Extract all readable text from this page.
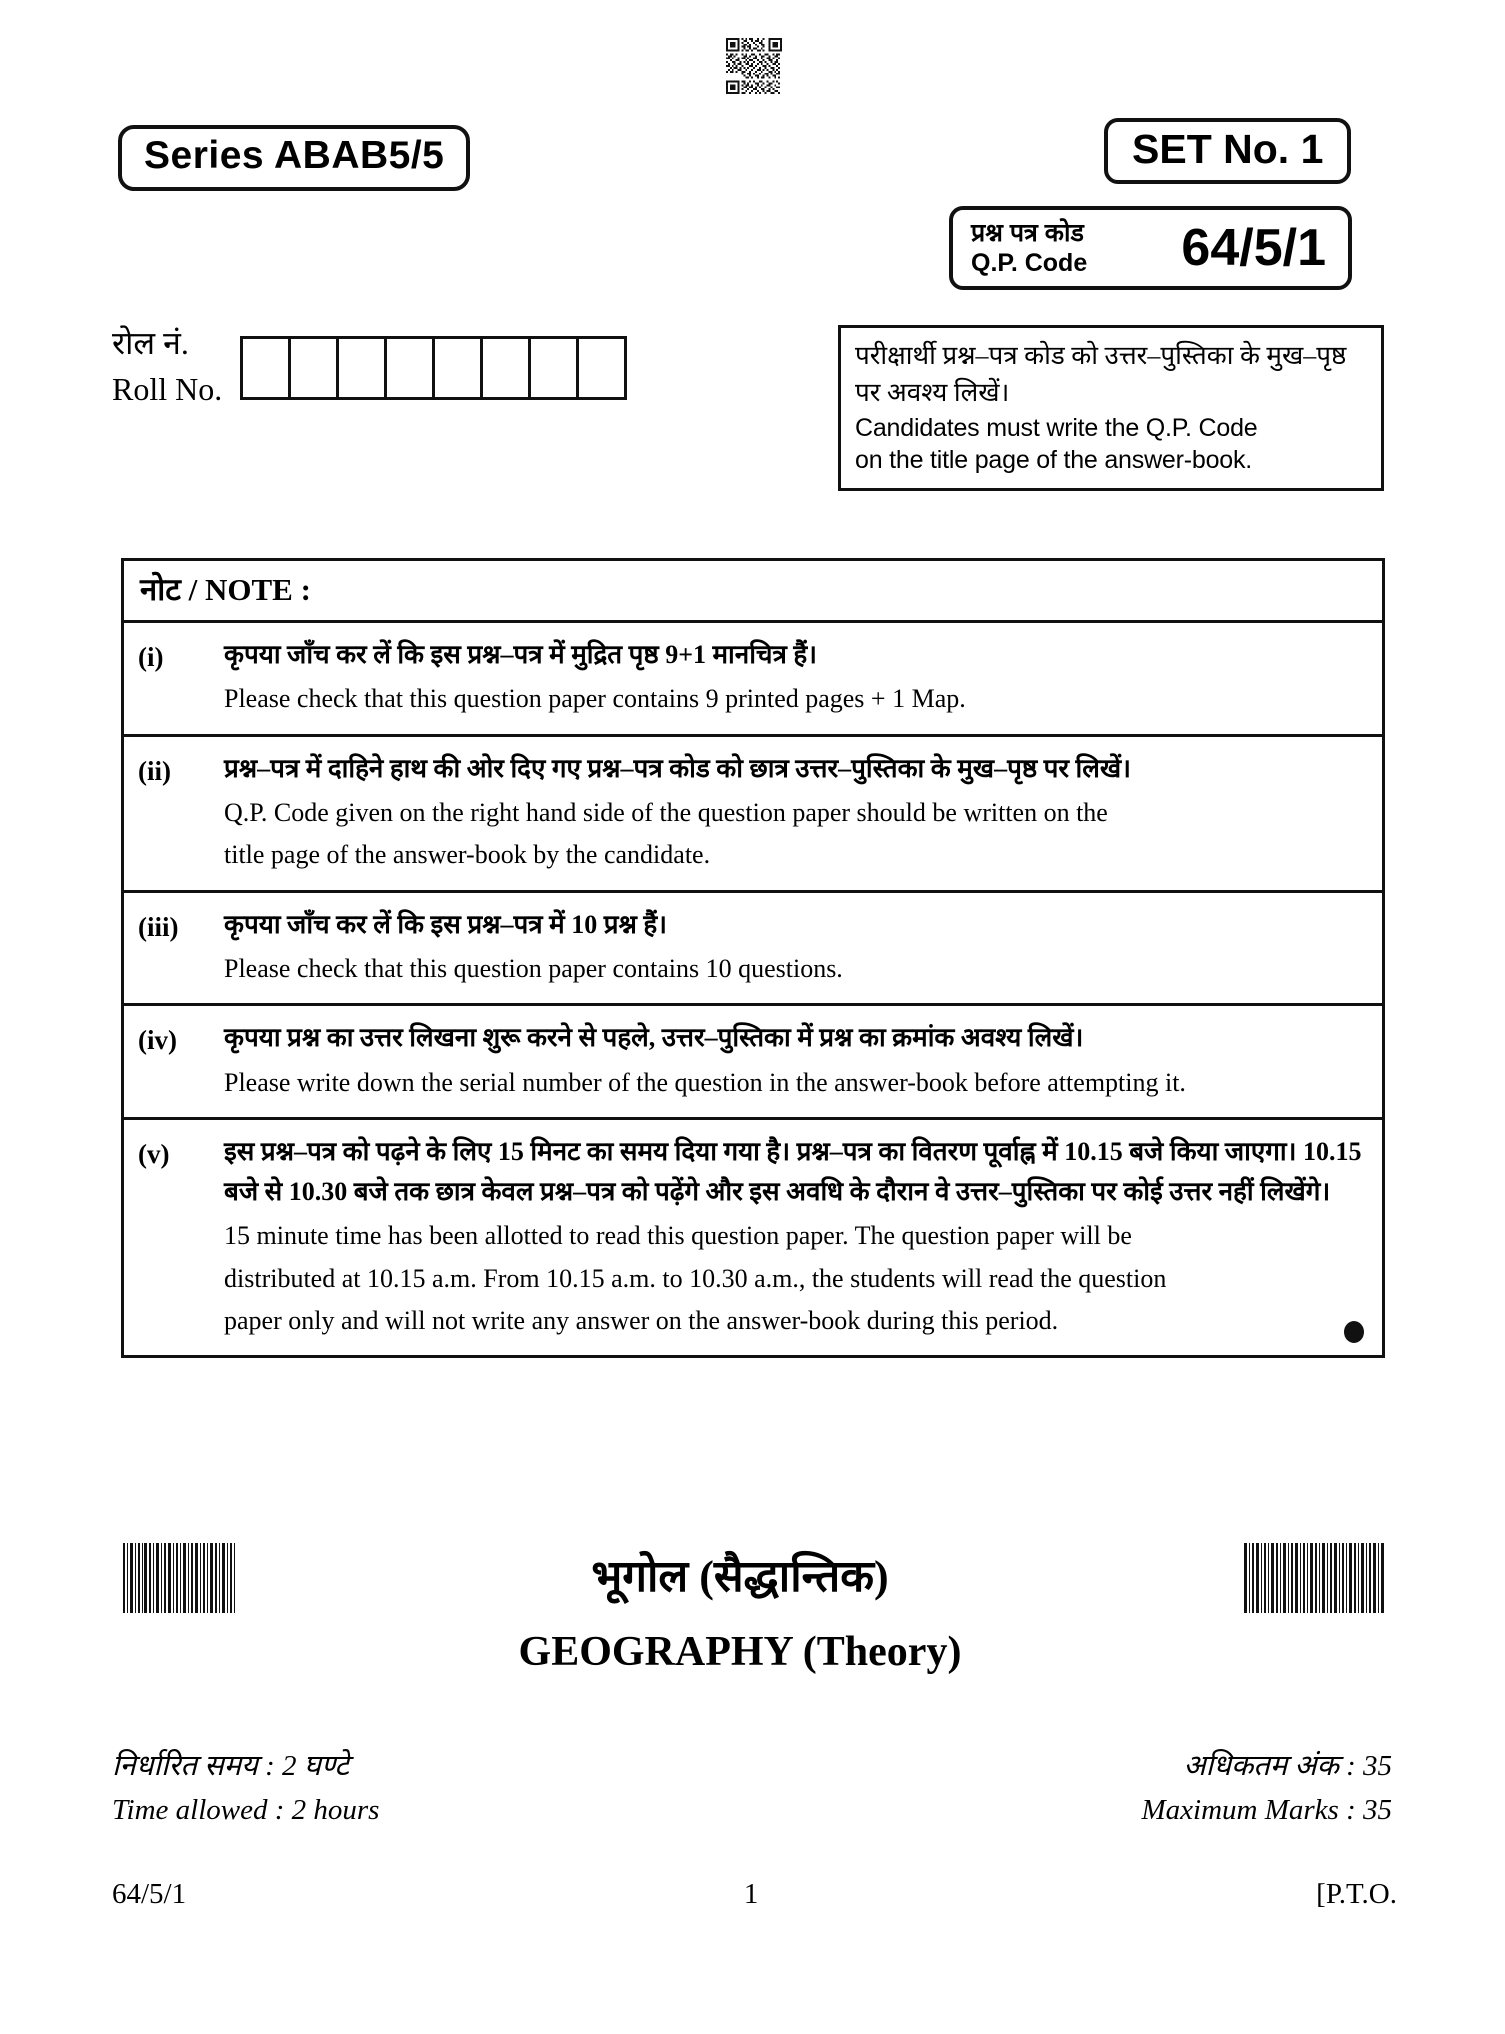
Series ABAB5/5	SET No. 1
प्रश्न पत्र कोड
Q.P. Code 64/5/1
रोल नं.
Roll No.
परीक्षार्थी प्रश्न–पत्र कोड को उत्तर–पुस्तिका के मुख–पृष्ठ पर अवश्य लिखें।
Candidates must write the Q.P. Code
on the title page of the answer-book.
नोट / NOTE :
(i)	कृपया जाँच कर लें कि इस प्रश्न–पत्र में मुद्रित पृष्ठ 9+1 मानचित्र हैं।

Please check that this question paper contains 9 printed pages + 1 Map.

(ii)	प्रश्न–पत्र में दाहिने हाथ की ओर दिए गए प्रश्न–पत्र कोड को छात्र उत्तर–पुस्तिका के मुख–पृष्ठ पर लिखें।

Q.P. Code given on the right hand side of the question paper should be written on the

title page of the answer-book by the candidate.

(iii)	कृपया जाँच कर लें कि इस प्रश्न–पत्र में 10 प्रश्न हैं।

Please check that this question paper contains 10 questions.

(iv)	कृपया प्रश्न का उत्तर लिखना शुरू करने से पहले, उत्तर–पुस्तिका में प्रश्न का क्रमांक अवश्य लिखें।

Please write down the serial number of the question in the answer-book before attempting it.

(v)	इस प्रश्न–पत्र को पढ़ने के लिए 15 मिनट का समय दिया गया है। प्रश्न–पत्र का वितरण पूर्वाह्न में 10.15 बजे किया जाएगा। 10.15 बजे से 10.30 बजे तक छात्र केवल प्रश्न–पत्र को पढ़ेंगे और इस अवधि के दौरान वे उत्तर–पुस्तिका पर कोई उत्तर नहीं लिखेंगे।

15 minute time has been allotted to read this question paper. The question paper will be

distributed at 10.15 a.m. From 10.15 a.m. to 10.30 a.m., the students will read the question

paper only and will not write any answer on the answer-book during this period.

भूगोल (सैद्धान्तिक)
GEOGRAPHY (Theory)
निर्धारित समय : 2 घण्टे
Time allowed : 2 hours
अधिकतम अंक : 35
Maximum Marks : 35
64/5/1	1	[P.T.O.
